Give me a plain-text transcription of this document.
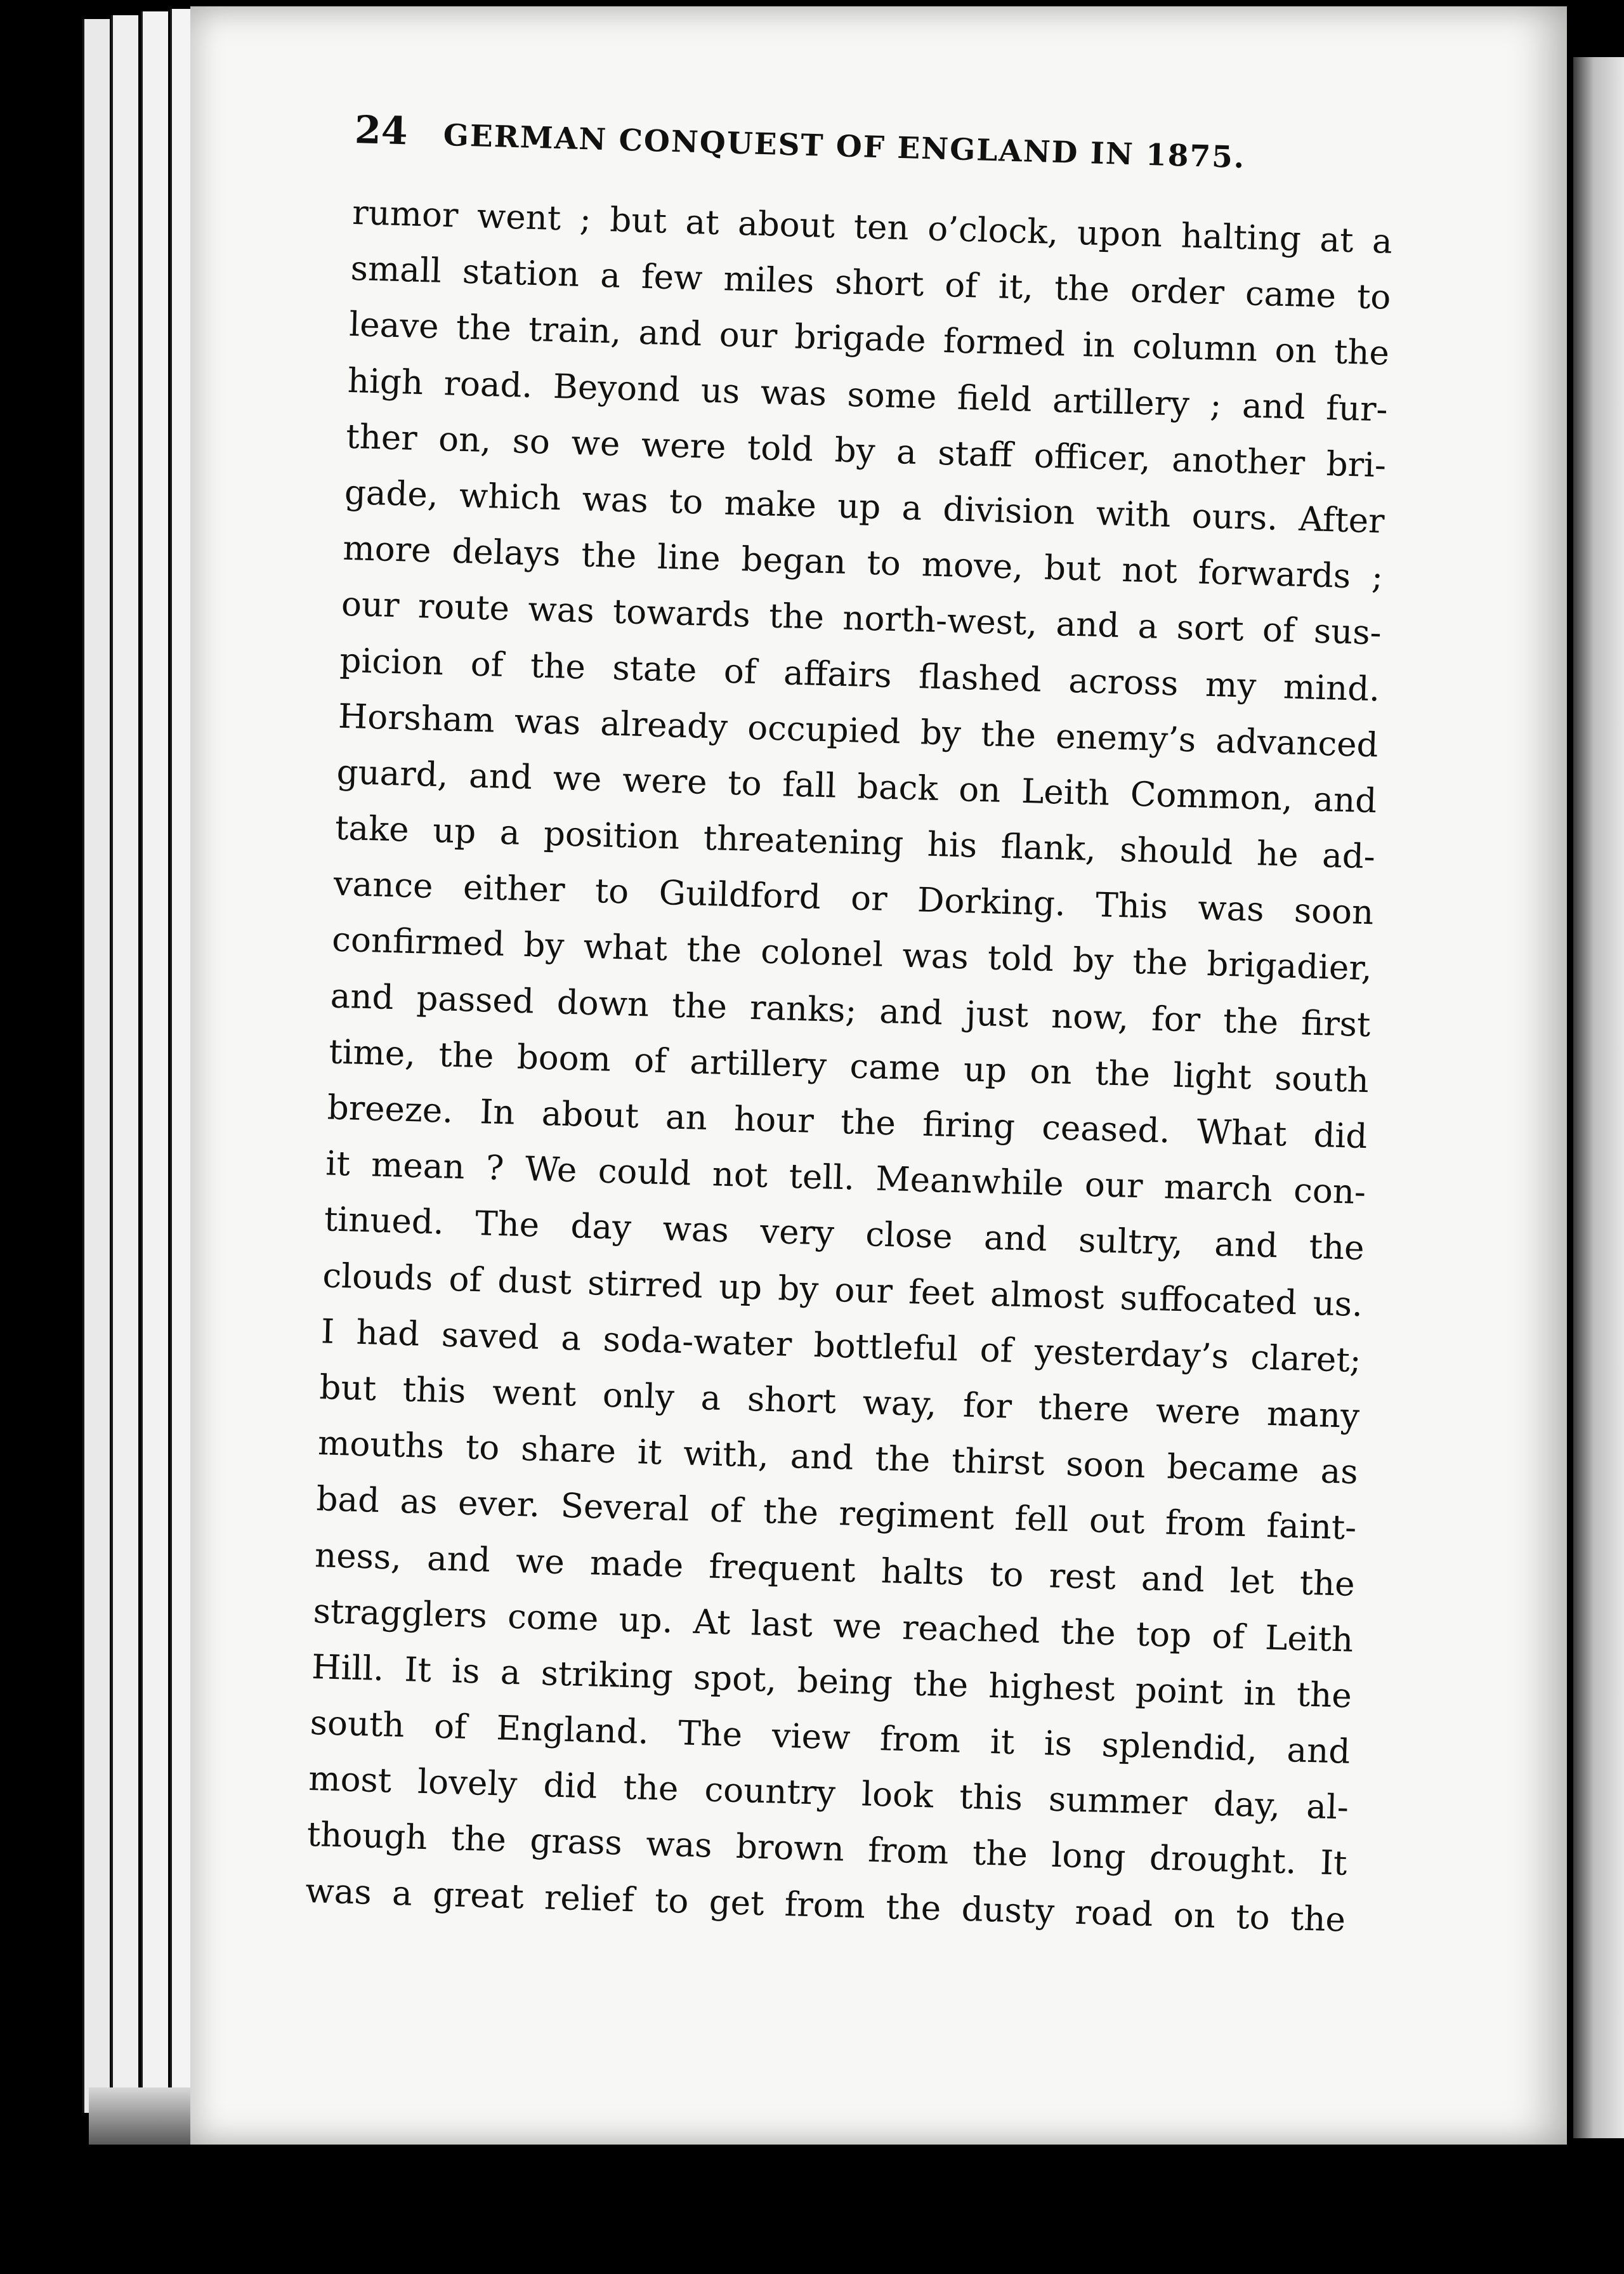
24	GERMAN CONQUEST OF ENGLAND IN 1875.
rumor went ; but at about ten o’clock, upon halting at a
small station a few miles short of it, the order came to
leave the train, and our brigade formed in column on the
high road. Beyond us was some field artillery ; and fur-
ther on, so we were told by a staff officer, another bri-
gade, which was to make up a division with ours. After
more delays the line began to move, but not forwards ;
our route was towards the north-west, and a sort of sus-
picion of the state of affairs flashed across my mind.
Horsham was already occupied by the enemy’s advanced
guard, and we were to fall back on Leith Common, and
take up a position threatening his flank, should he ad-
vance either to Guildford or Dorking. This was soon
confirmed by what the colonel was told by the brigadier,
and passed down the ranks; and just now, for the first
time, the boom of artillery came up on the light south
breeze. In about an hour the firing ceased. What did
it mean ? We could not tell. Meanwhile our march con-
tinued. The day was very close and sultry, and the
clouds of dust stirred up by our feet almost suffocated us.
I had saved a soda-water bottleful of yesterday’s claret;
but this went only a short way, for there were many
mouths to share it with, and the thirst soon became as
bad as ever. Several of the regiment fell out from faint-
ness, and we made frequent halts to rest and let the
stragglers come up. At last we reached the top of Leith
Hill. It is a striking spot, being the highest point in the
south of England. The view from it is splendid, and
most lovely did the country look this summer day, al-
though the grass was brown from the long drought. It
was a great relief to get from the dusty road on to the
